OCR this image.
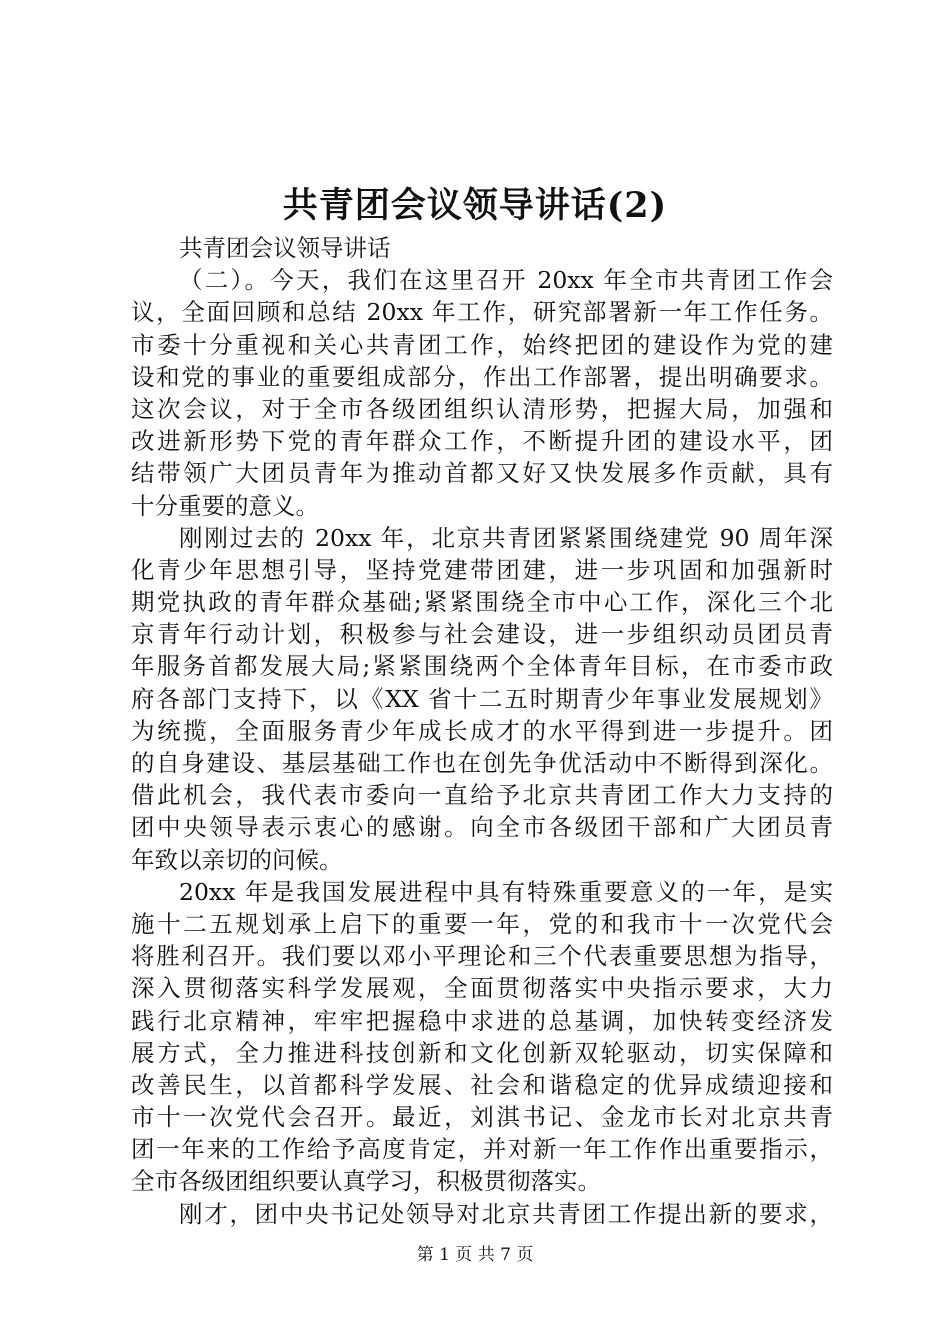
共青团会议领导讲话(2)
共青团会议领导讲话
（二）。今天，我们在这里召开 20xx 年全市共青团工作会
议，全面回顾和总结 20xx 年工作，研究部署新一年工作任务。
市委十分重视和关心共青团工作，始终把团的建设作为党的建
设和党的事业的重要组成部分，作出工作部署，提出明确要求。
这次会议，对于全市各级团组织认清形势，把握大局，加强和
改进新形势下党的青年群众工作，不断提升团的建设水平，团
结带领广大团员青年为推动首都又好又快发展多作贡献，具有
十分重要的意义。
刚刚过去的 20xx 年，北京共青团紧紧围绕建党 90 周年深
化青少年思想引导，坚持党建带团建，进一步巩固和加强新时
期党执政的青年群众基础;紧紧围绕全市中心工作，深化三个北
京青年行动计划，积极参与社会建设，进一步组织动员团员青
年服务首都发展大局;紧紧围绕两个全体青年目标，在市委市政
府各部门支持下，以《XX 省十二五时期青少年事业发展规划》
为统揽，全面服务青少年成长成才的水平得到进一步提升。团
的自身建设、基层基础工作也在创先争优活动中不断得到深化。
借此机会，我代表市委向一直给予北京共青团工作大力支持的
团中央领导表示衷心的感谢。向全市各级团干部和广大团员青
年致以亲切的问候。
20xx 年是我国发展进程中具有特殊重要意义的一年，是实
施十二五规划承上启下的重要一年，党的和我市十一次党代会
将胜利召开。我们要以邓小平理论和三个代表重要思想为指导，
深入贯彻落实科学发展观，全面贯彻落实中央指示要求，大力
践行北京精神，牢牢把握稳中求进的总基调，加快转变经济发
展方式，全力推进科技创新和文化创新双轮驱动，切实保障和
改善民生，以首都科学发展、社会和谐稳定的优异成绩迎接和
市十一次党代会召开。最近，刘淇书记、金龙市长对北京共青
团一年来的工作给予高度肯定，并对新一年工作作出重要指示，
全市各级团组织要认真学习，积极贯彻落实。
刚才，团中央书记处领导对北京共青团工作提出新的要求，
第 1 页 共 7 页
